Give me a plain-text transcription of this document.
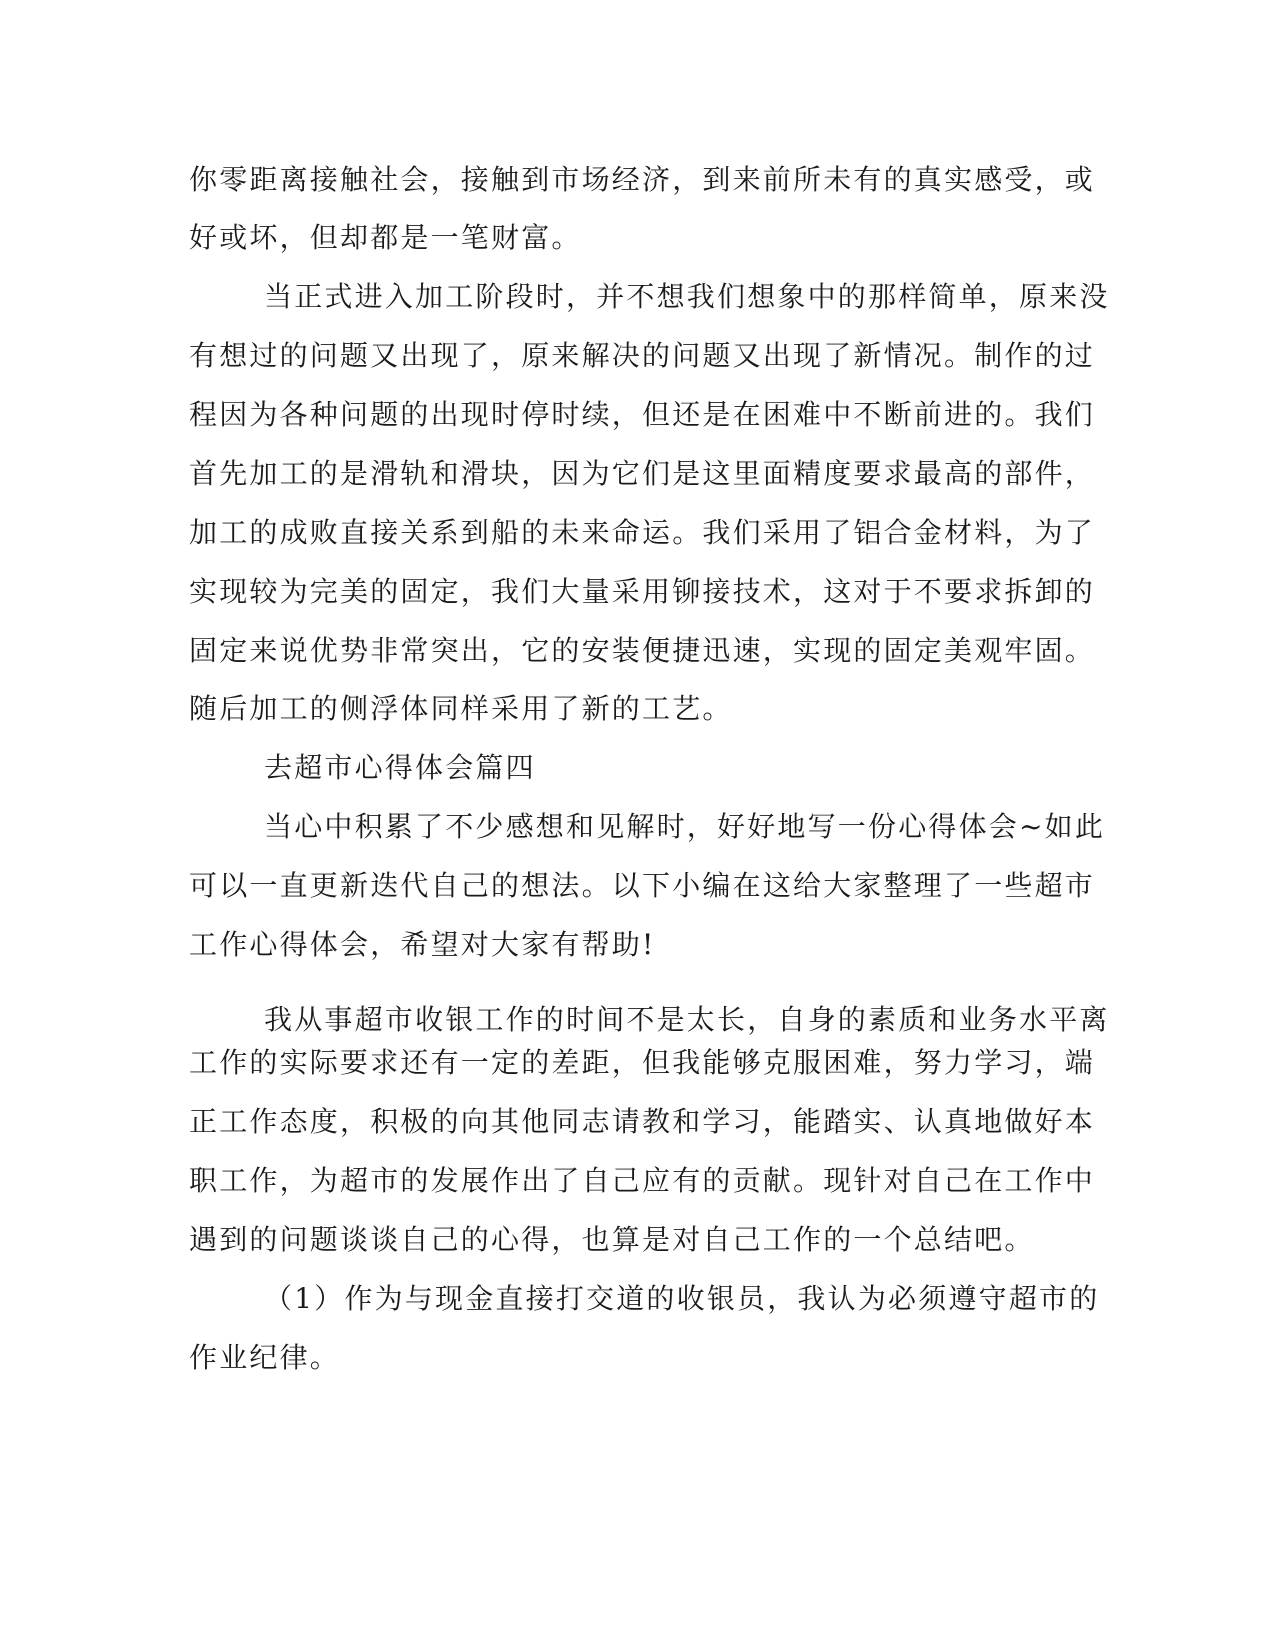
你零距离接触社会，接触到市场经济，到来前所未有的真实感受，或
好或坏，但却都是一笔财富。
当正式进入加工阶段时，并不想我们想象中的那样简单，原来没
有想过的问题又出现了，原来解决的问题又出现了新情况。制作的过
程因为各种问题的出现时停时续，但还是在困难中不断前进的。我们
首先加工的是滑轨和滑块，因为它们是这里面精度要求最高的部件，
加工的成败直接关系到船的未来命运。我们采用了铝合金材料，为了
实现较为完美的固定，我们大量采用铆接技术，这对于不要求拆卸的
固定来说优势非常突出，它的安装便捷迅速，实现的固定美观牢固。
随后加工的侧浮体同样采用了新的工艺。
去超市心得体会篇四
当心中积累了不少感想和见解时，好好地写一份心得体会~如此
可以一直更新迭代自己的想法。以下小编在这给大家整理了一些超市
工作心得体会，希望对大家有帮助!
我从事超市收银工作的时间不是太长，自身的素质和业务水平离
工作的实际要求还有一定的差距，但我能够克服困难，努力学习，端
正工作态度，积极的向其他同志请教和学习，能踏实、认真地做好本
职工作，为超市的发展作出了自己应有的贡献。现针对自己在工作中
遇到的问题谈谈自己的心得，也算是对自己工作的一个总结吧。
（1）作为与现金直接打交道的收银员，我认为必须遵守超市的
作业纪律。
